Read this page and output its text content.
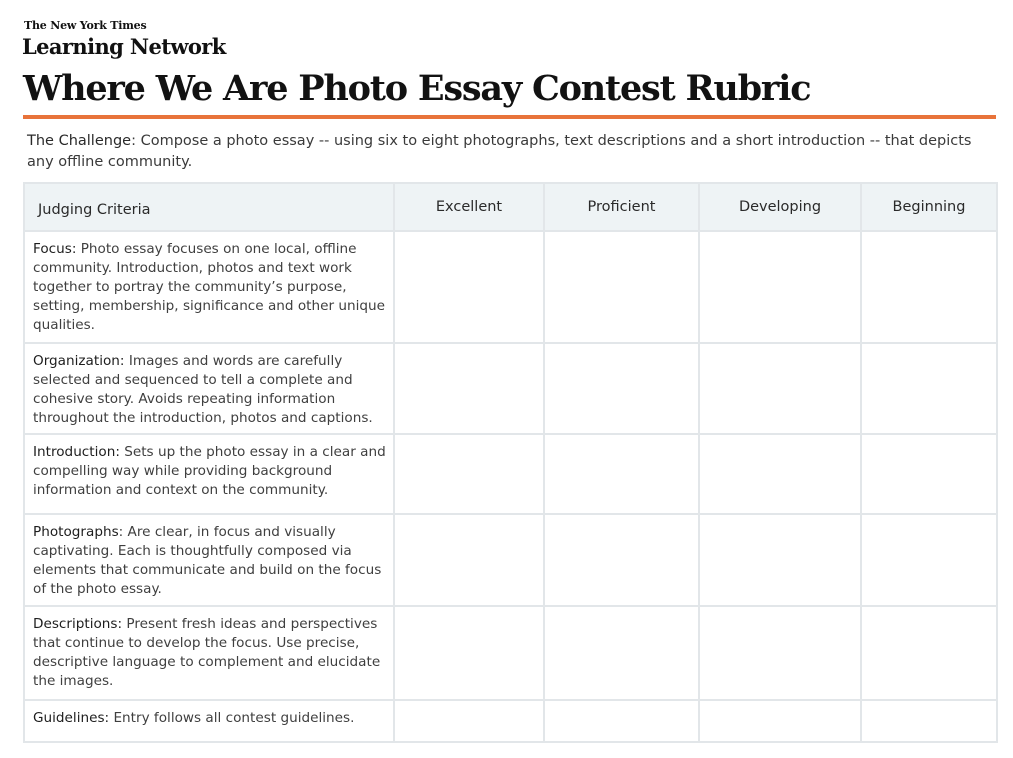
The New York Times
Learning Network
Where We Are Photo Essay Contest Rubric
The Challenge: Compose a photo essay -- using six to eight photographs, text descriptions and a short introduction -- that depicts any offline community.
Judging Criteria	Excellent	Proficient	Developing	Beginning

Focus: Photo essay focuses on one local, offline community. Introduction, photos and text work together to portray the community’s purpose, setting, membership, significance and other unique qualities.				
Organization: Images and words are carefully selected and sequenced to tell a complete and cohesive story. Avoids repeating information throughout the introduction, photos and captions.				
Introduction: Sets up the photo essay in a clear and compelling way while providing background information and context on the community.				
Photographs: Are clear, in focus and visually captivating. Each is thoughtfully composed via elements that communicate and build on the focus of the photo essay.				
Descriptions: Present fresh ideas and perspectives that continue to develop the focus. Use precise, descriptive language to complement and elucidate the images.				
Guidelines: Entry follows all contest guidelines.				
